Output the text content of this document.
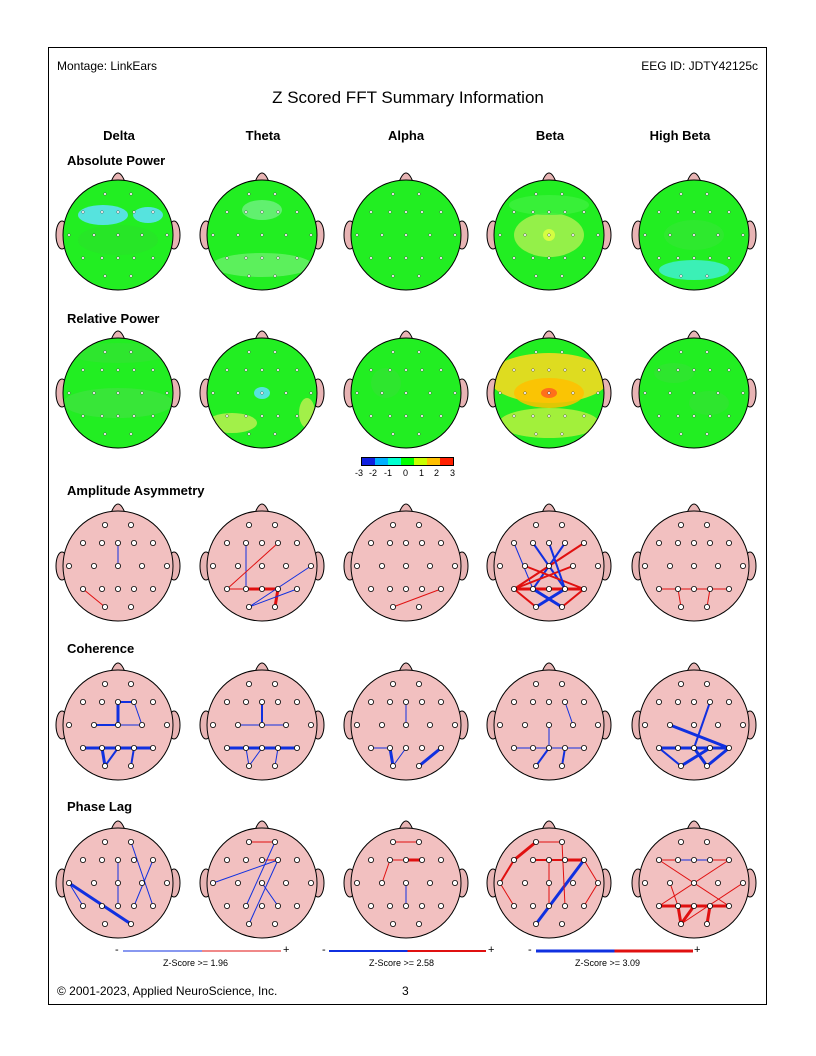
Montage: LinkEars	EEG ID: JDTY42125c
Z Scored FFT Summary Information
Delta	Theta	Alpha	Beta	High Beta
Absolute Power
Relative Power
Amplitude Asymmetry
Coherence
Phase Lag
-3 -2 -1 0 1 2 3
-	+
Z-Score >= 1.96
-	+
Z-Score >= 2.58
-	+
Z-Score >= 3.09
© 2001-2023, Applied NeuroScience, Inc.	3
